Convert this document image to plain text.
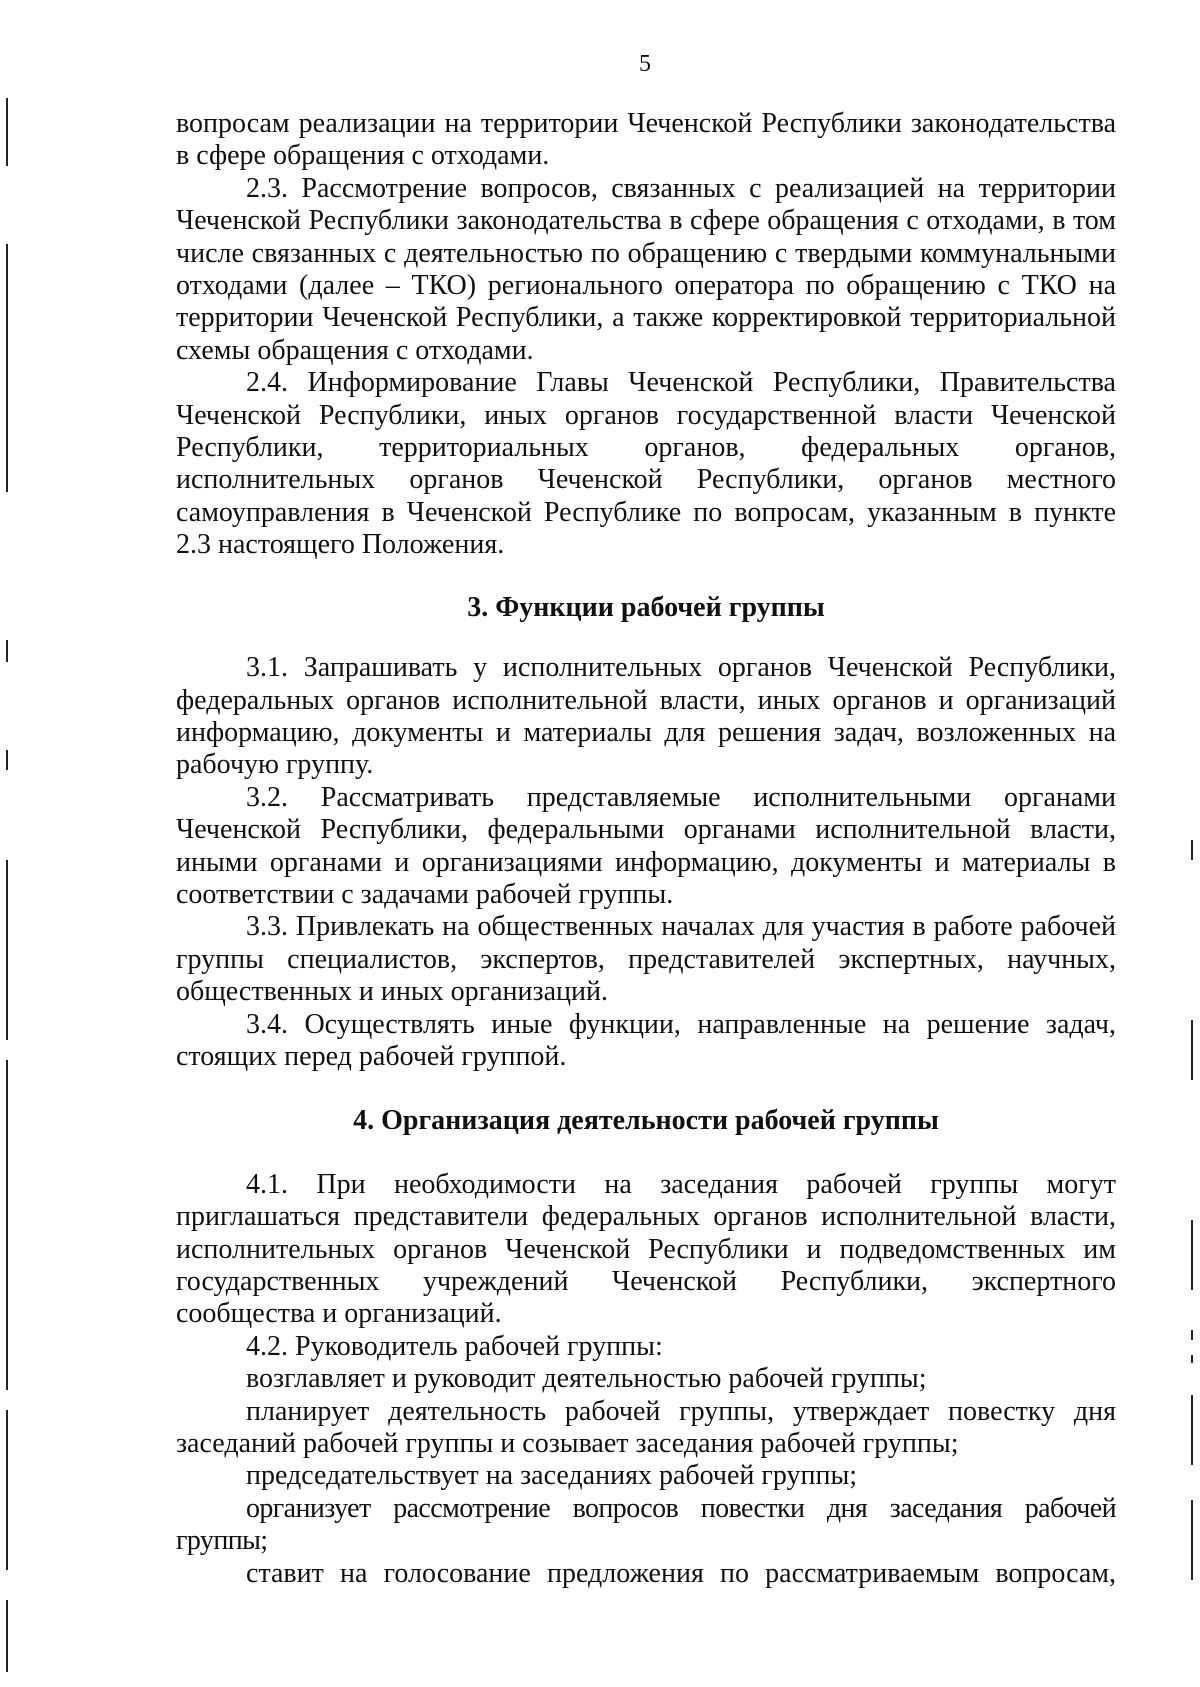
5

вопросам реализации на территории Чеченской Республики законодательства в сфере обращения с отходами.

2.3. Рассмотрение вопросов, связанных с реализацией на территории Чеченской Республики законодательства в сфере обращения с отходами, в том числе связанных с деятельностью по обращению с твердыми коммунальными отходами (далее – ТКО) регионального оператора по обращению с ТКО на территории Чеченской Республики, а также корректировкой территориальной схемы обращения с отходами.

2.4. Информирование Главы Чеченской Республики, Правительства Чеченской Республики, иных органов государственной власти Чеченской Республики, территориальных органов, федеральных органов, исполнительных органов Чеченской Республики, органов местного самоуправления в Чеченской Республике по вопросам, указанным в пункте 2.3 настоящего Положения.

3. Функции рабочей группы

3.1. Запрашивать у исполнительных органов Чеченской Республики, федеральных органов исполнительной власти, иных органов и организаций информацию, документы и материалы для решения задач, возложенных на рабочую группу.

3.2. Рассматривать представляемые исполнительными органами Чеченской Республики, федеральными органами исполнительной власти, иными органами и организациями информацию, документы и материалы в соответствии с задачами рабочей группы.

3.3. Привлекать на общественных началах для участия в работе рабочей группы специалистов, экспертов, представителей экспертных, научных, общественных и иных организаций.

3.4. Осуществлять иные функции, направленные на решение задач, стоящих перед рабочей группой.

4. Организация деятельности рабочей группы

4.1. При необходимости на заседания рабочей группы могут приглашаться представители федеральных органов исполнительной власти, исполнительных органов Чеченской Республики и подведомственных им государственных учреждений Чеченской Республики, экспертного сообщества и организаций.

4.2. Руководитель рабочей группы:

возглавляет и руководит деятельностью рабочей группы;

планирует деятельность рабочей группы, утверждает повестку дня заседаний рабочей группы и созывает заседания рабочей группы;

председательствует на заседаниях рабочей группы;

организует рассмотрение вопросов повестки дня заседания рабочей группы;

ставит на голосование предложения по рассматриваемым вопросам,
